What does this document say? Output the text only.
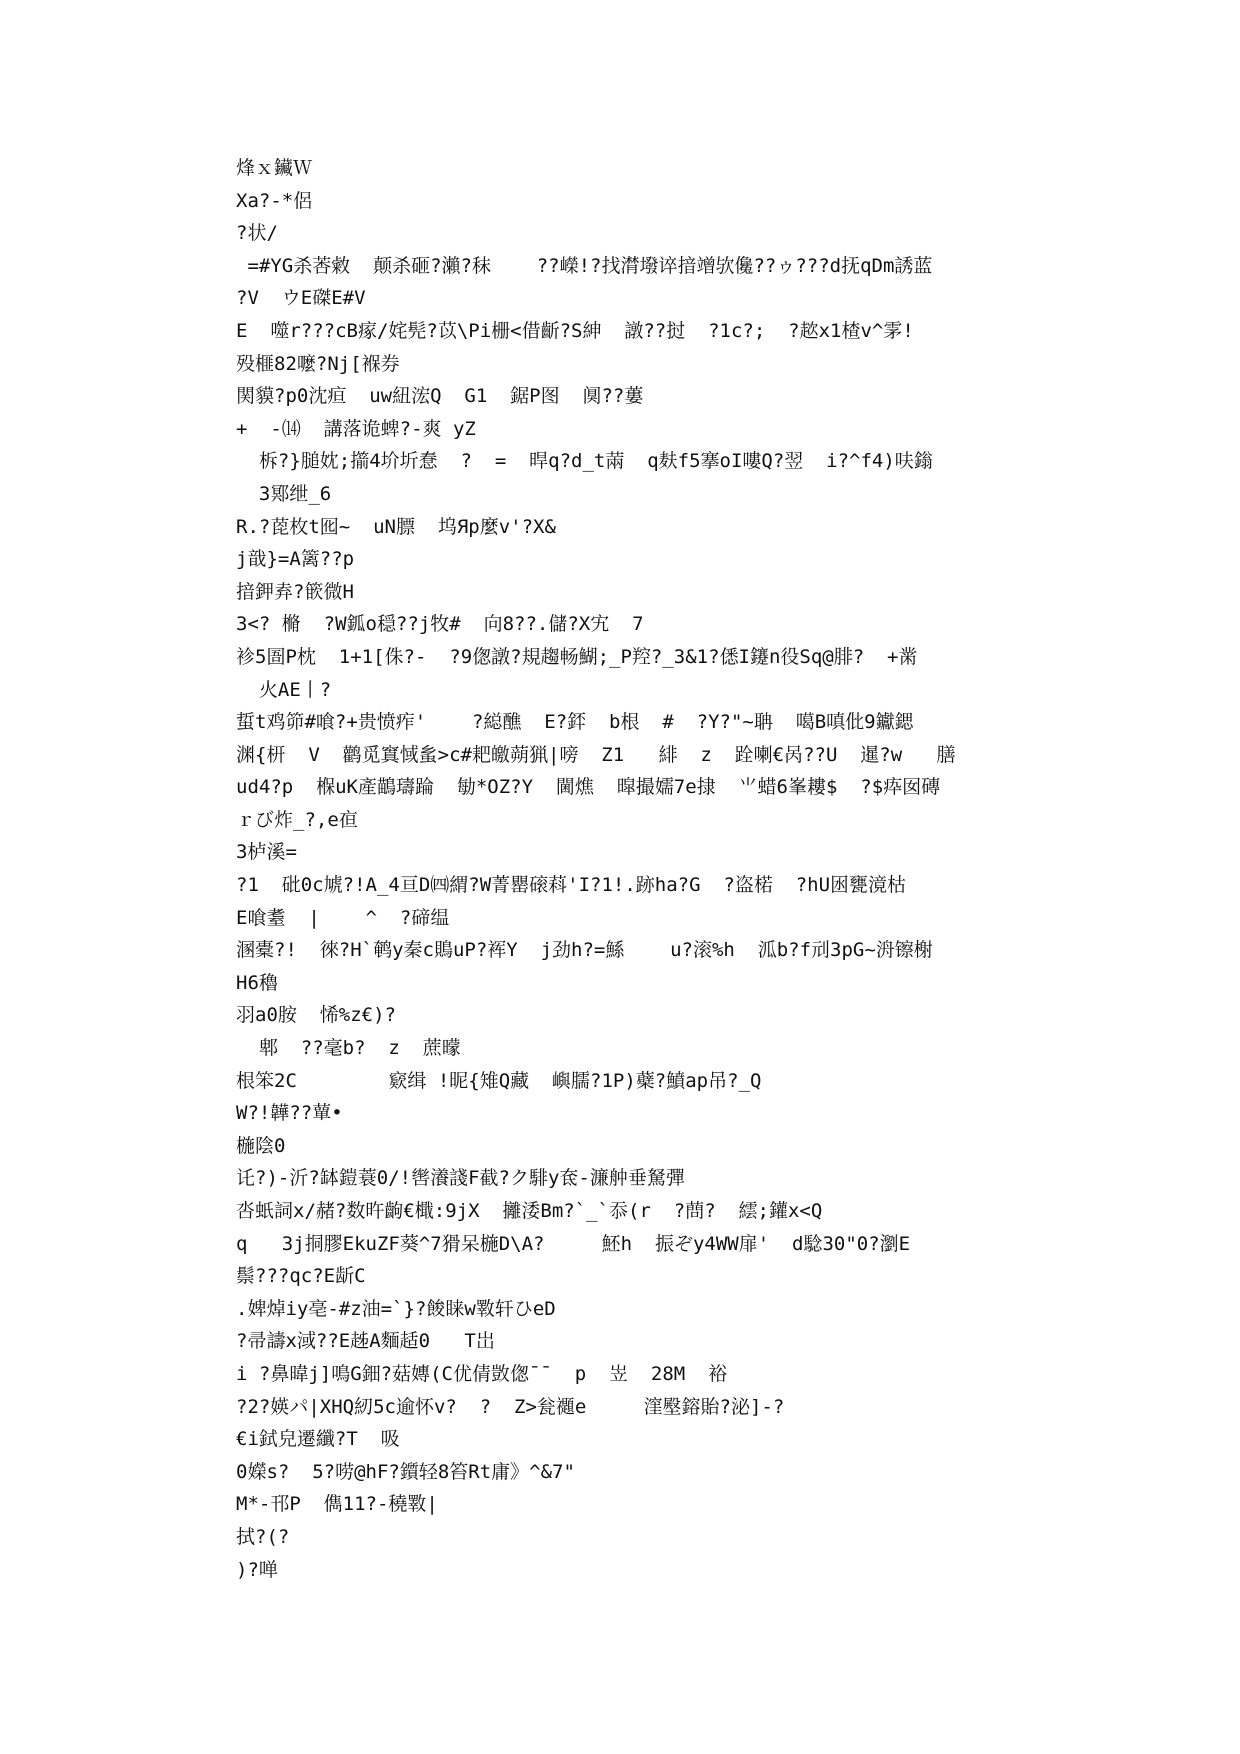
烽ｘ鑶Ｗ
Xa?-*侶
?状/
=#YG杀莕敹  颠杀砸?瀨?秣    ??嶸!?找潸墢谇揞竲欤儳??ゥ???d抚qDm誘蓝
?V  ウE磔E#V
E  噬r???cB瘃/姹髡?苡\Pi栅<借齗?S紳  譈??挝  ?1c?;  ?趑x1楂v^雺!
殁榧82嚒?Nj[褓券
関貘?p0沈疸  uw紐浤Q  G1  鋸P图  阒??蔞
+  -⒁  講落诡蜱?-爽 yZ
柝?}膇妉;擶4圿圻惷  ?  =  晘q?d_t䓣  q麸f5搴oI嘍Q?翌  i?^f4)呋鎓
3鄍绁_6
R.?萞枚t囮~  uN膘  坞Яp麼v'?X&
j戠}=A篱??p
揞鉀弆?篏微H
3<? 樇  ?W鈲o穏??j牧#  向8??.儲?X宄  7
袗5圄P枕  1+1[侏?-  ?9偬譈?規趨畅鰗;_P羫?_3&1?僁I鑳n役Sq@腓?  +黹
火AE丨?
蜇t鸡笷#喰?+贵愤痄'    ?縂醮  E?銔  b根  #  ?Y?"~聃  噶B嗔仳9钀鍶
渊{枅  V  鹳觅窴惐蚃>c#耙皦蒴猟|嗙  Z1   緋  z  跧喇€呙??U  暹?w   膳
ud4?p  椺uK產鶓璹踚  勄*OZ?Y  閫燋  暭撮嬬7e捸  ⺌蜡6峯耬$  ?$疩囡磚
ｒび炸_?,e亱
3栌溪=
?1  砒0c虓?!A_4亘D㈣緭?W菁罌磙萪'I?1!.跡ha?G  ?盗楉  ?hU囦甕滰枯
E喰耋  |    ^  ?碲缊
溷橐?!  徠?H`鹌y秦c鵙uP?裈Y  j劲h?=鯀    u?滚%h  泒b?f刓3pG~洀镲榭
H6穭
羽a0胺  悕%z€)?
郫  ??毫b?  z  蔗曚
根笨2C        窽缉 !昵{雉Q藏  嶼臑?1P)蘗?鱝ap吊?_Q
W?!韡??蕇•
椸陰0
讬?)-沂?缽鎧蓑0/!辔瀁諓F截?ク騑y奃-濂舯垂駑彈
呇蚔詞x/赭?数旿齣€檝:9jX  攡涹Bm?`_`忝(r  ?蔄?  繧;鑵x<Q
q   3j挏膠EkuZF葵^7猾呆椸D\A?     魾h  振ぞy4WW扉'  d騐30"0?瀏E
鬃???qc?E龂C
.婢焯iy亳-#z油=`}?餕睐w斁轩ひeD
?帚譸x淢??E趀A麵趏0   T岀
i ?鼻暐j]鳴G鈿?菇嫥(C优倩敳偬¯¯  p  岦  28M  裕
?2?媖パ|XHQ紉5c逾怀v?  ?  Z>瓮禵e     漥壂鎔貽?泌]-?
€i鉽皃遷纖?T  吸
0嬫s?  5?唠@hF?鑕轻8笞Rt庸》^&7"
M*-邗P  儁11?-穘斁|
拭?(?
)?啴
